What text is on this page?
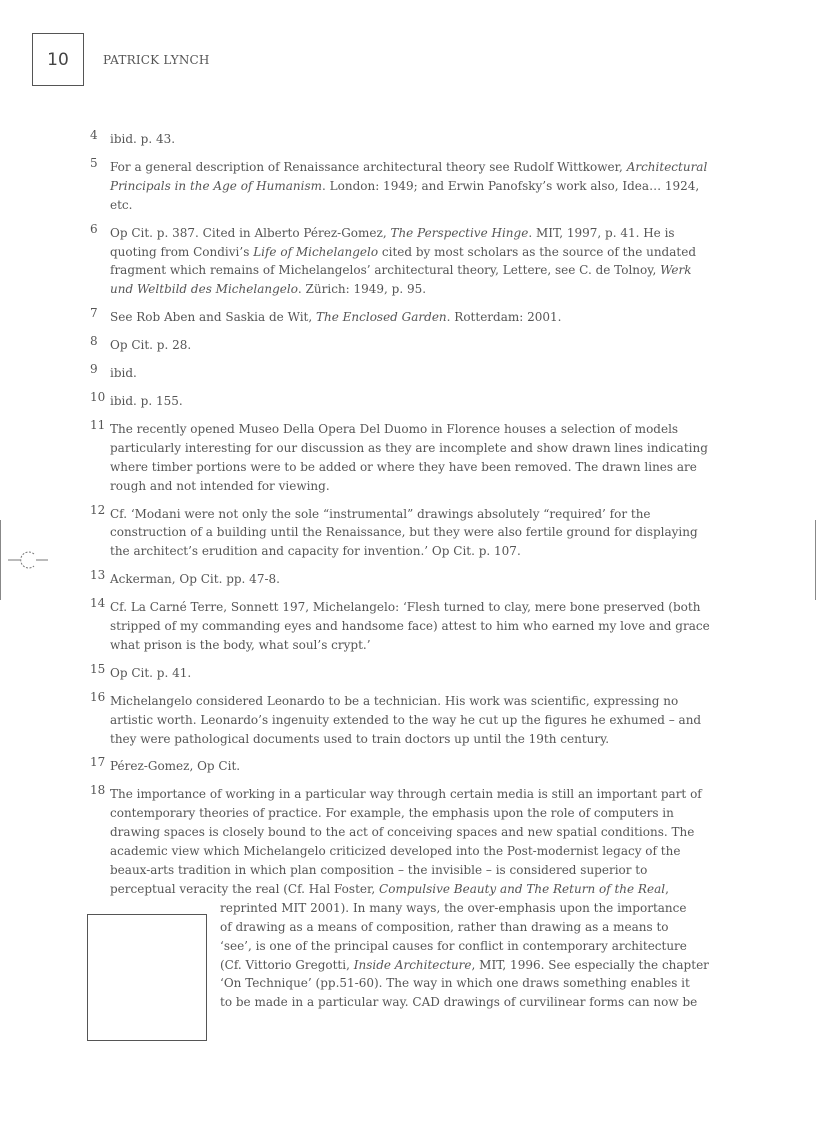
10	PATRICK LYNCH
4 ibid. p. 43.
5 For a general description of Renaissance architectural theory see Rudolf Wittkower, Architectural Principals in the Age of Humanism. London: 1949; and Erwin Panofsky’s work also, Idea… 1924, etc.
6 Op Cit. p. 387. Cited in Alberto Pérez-Gomez, The Perspective Hinge. MIT, 1997, p. 41. He is quoting from Condivi’s Life of Michelangelo cited by most scholars as the source of the undated fragment which remains of Michelangelos’ architectural theory, Lettere, see C. de Tolnoy, Werk und Weltbild des Michelangelo. Zürich: 1949, p. 95.
7 See Rob Aben and Saskia de Wit, The Enclosed Garden. Rotterdam: 2001.
8 Op Cit. p. 28.
9 ibid.
10 ibid. p. 155.
11 The recently opened Museo Della Opera Del Duomo in Florence houses a selection of models particularly interesting for our discussion as they are incomplete and show drawn lines indicating where timber portions were to be added or where they have been removed. The drawn lines are rough and not intended for viewing.
12 Cf. ‘Modani were not only the sole “instrumental” drawings absolutely “required’ for the construction of a building until the Renaissance, but they were also fertile ground for displaying the architect’s erudition and capacity for invention.’ Op Cit. p. 107.
13 Ackerman, Op Cit. pp. 47-8.
14 Cf. La Carné Terre, Sonnett 197, Michelangelo: ‘Flesh turned to clay, mere bone preserved (both stripped of my commanding eyes and handsome face) attest to him who earned my love and grace what prison is the body, what soul’s crypt.’
15 Op Cit. p. 41.
16 Michelangelo considered Leonardo to be a technician. His work was scientific, expressing no artistic worth. Leonardo’s ingenuity extended to the way he cut up the figures he exhumed – and they were pathological documents used to train doctors up until the 19th century.
17 Pérez-Gomez, Op Cit.
18 The importance of working in a particular way through certain media is still an important part of
contemporary theories of practice. For example, the emphasis upon the role of computers in
drawing spaces is closely bound to the act of conceiving spaces and new spatial conditions. The
academic view which Michelangelo criticized developed into the Post-modernist legacy of the
beaux-arts tradition in which plan composition – the invisible – is considered superior to
perceptual veracity the real (Cf. Hal Foster, Compulsive Beauty and The Return of the Real,
reprinted MIT 2001). In many ways, the over-emphasis upon the importance
of drawing as a means of composition, rather than drawing as a means to
‘see’, is one of the principal causes for conflict in contemporary architecture
(Cf. Vittorio Gregotti, Inside Architecture, MIT, 1996. See especially the chapter
‘On Technique’ (pp.51-60). The way in which one draws something enables it
to be made in a particular way. CAD drawings of curvilinear forms can now be
